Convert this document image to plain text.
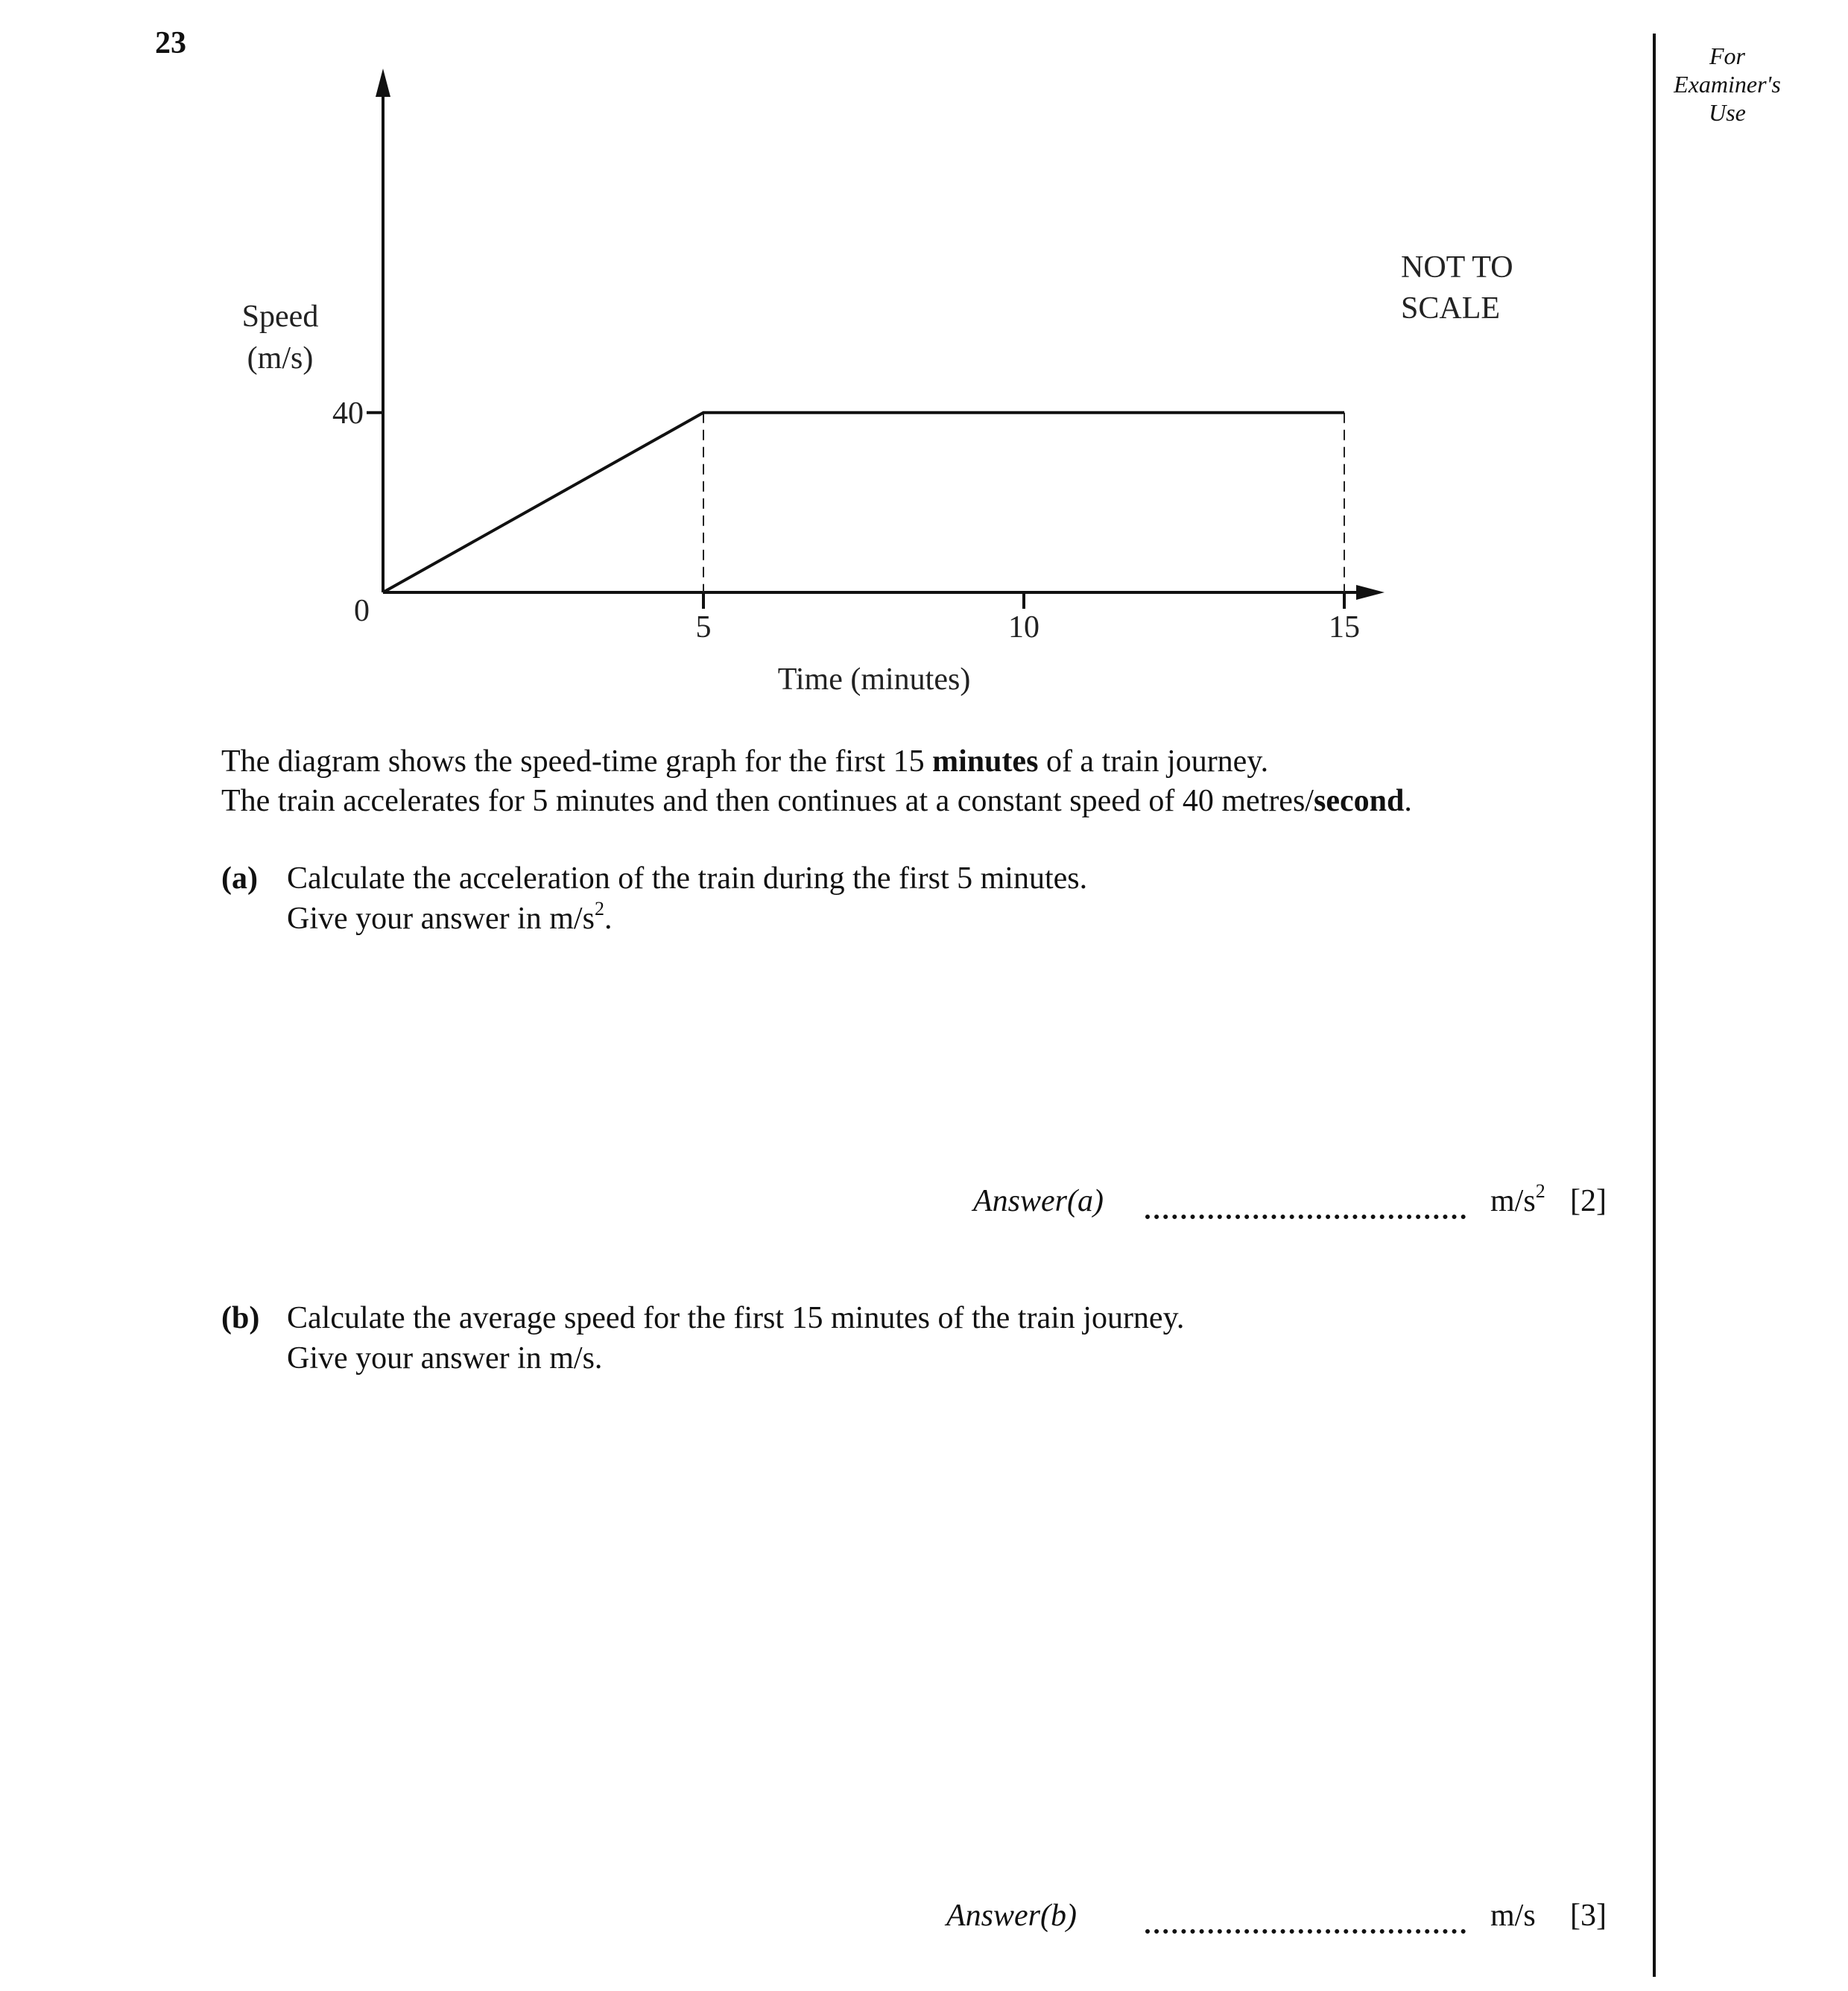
23	For
Examiner's
Use
5	10	15
40
0
Speed
(m/s)
Time (minutes)
NOT TO
SCALE
The diagram shows the speed-time graph for the first 15 minutes of a train journey.
The train accelerates for 5 minutes and then continues at a constant speed of 40 metres/second.
(a) Calculate the acceleration of the train during the first 5 minutes.
Give your answer in $m/s^2$.
Answer(a)	$m/s^2$ [2]
(b) Calculate the average speed for the first 15 minutes of the train journey.
Give your answer in m/s.
Answer(b)	m/s [3]
